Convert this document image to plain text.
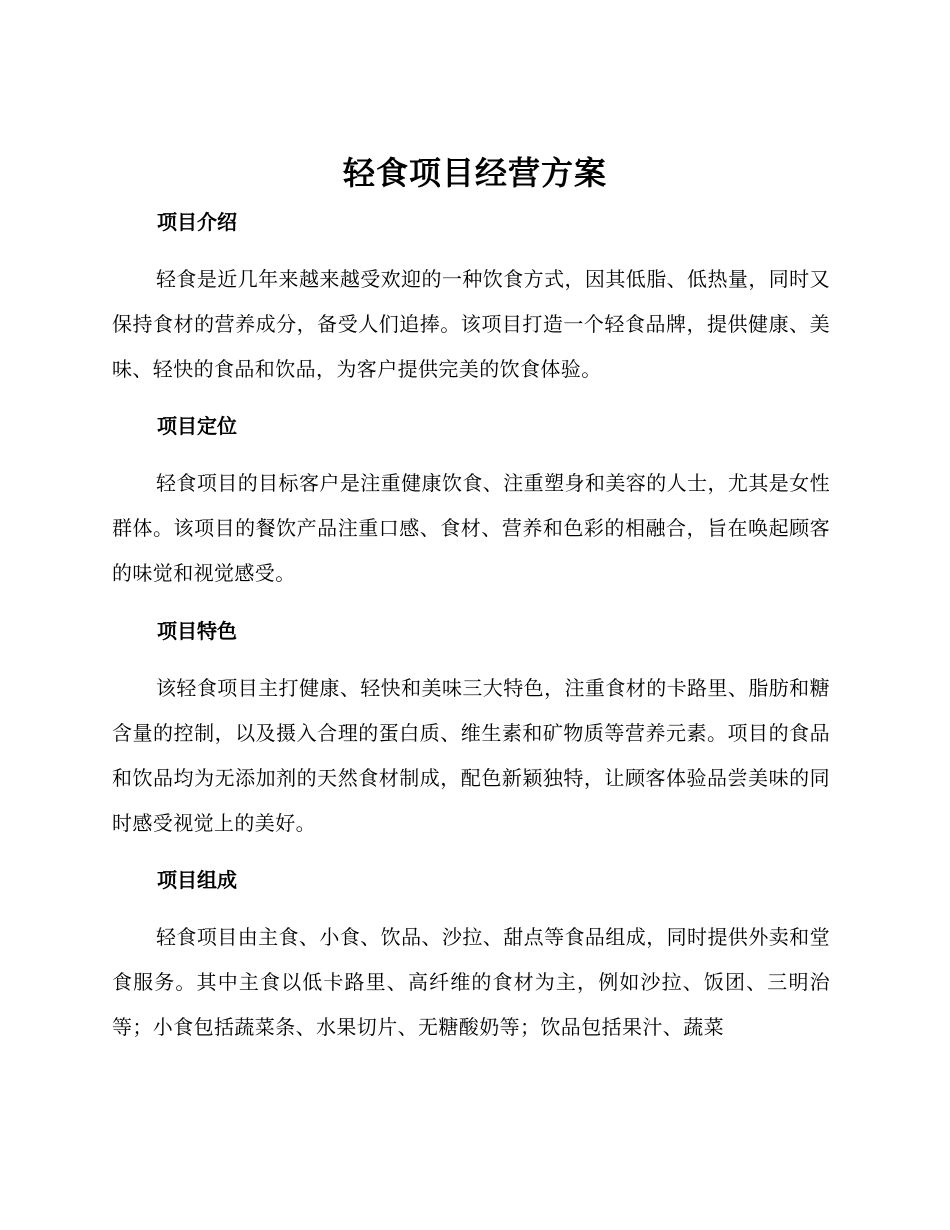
轻食项目经营方案
项目介绍
轻食是近几年来越来越受欢迎的一种饮食方式，因其低脂、低热量，同时又保持食材的营养成分，备受人们追捧。该项目打造一个轻食品牌，提供健康、美味、轻快的食品和饮品，为客户提供完美的饮食体验。
项目定位
轻食项目的目标客户是注重健康饮食、注重塑身和美容的人士，尤其是女性群体。该项目的餐饮产品注重口感、食材、营养和色彩的相融合，旨在唤起顾客的味觉和视觉感受。
项目特色
该轻食项目主打健康、轻快和美味三大特色，注重食材的卡路里、脂肪和糖含量的控制，以及摄入合理的蛋白质、维生素和矿物质等营养元素。项目的食品和饮品均为无添加剂的天然食材制成，配色新颖独特，让顾客体验品尝美味的同时感受视觉上的美好。
项目组成
轻食项目由主食、小食、饮品、沙拉、甜点等食品组成，同时提供外卖和堂食服务。其中主食以低卡路里、高纤维的食材为主，例如沙拉、饭团、三明治等；小食包括蔬菜条、水果切片、无糖酸奶等；饮品包括果汁、蔬菜
